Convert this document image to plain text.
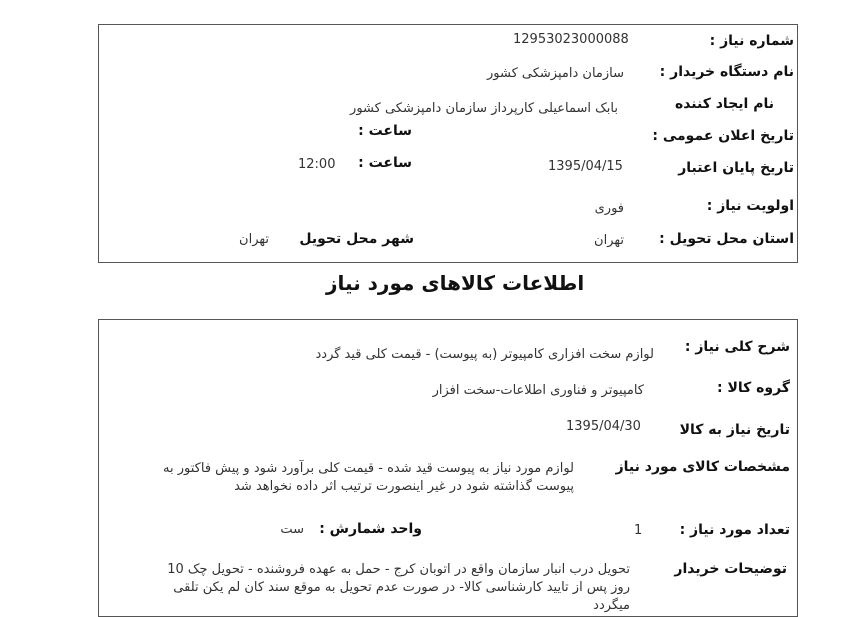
شماره نیاز :
12953023000088
نام دستگاه خریدار :
سازمان دامپزشکی کشور
نام ایجاد کننده
بابک اسماعیلی کارپرداز سازمان دامپزشکی کشور
تاریخ اعلان عمومی :
ساعت :
تاریخ پایان اعتبار
1395/04/15
ساعت :
12:00
اولویت نیاز :
فوری
استان محل تحویل :
تهران
شهر محل تحویل
تهران
اطلاعات کالاهای مورد نیاز
شرح کلی نیاز :
لوازم سخت افزاری کامپیوتر (به پیوست) - قیمت کلی قید گردد
گروه کالا :
کامپیوتر و فناوری اطلاعات-سخت افزار
تاریخ نیاز به کالا
1395/04/30
مشخصات کالای مورد نیاز
لوازم مورد نیاز به پیوست قید شده - قیمت کلی برآورد شود و پیش فاکتور به
پیوست گذاشته شود در غیر اینصورت ترتیب اثر داده نخواهد شد
تعداد مورد نیاز :
1
واحد شمارش :
ست
توضیحات خریدار
تحویل درب انبار سازمان واقع در اتوبان کرج - حمل به عهده فروشنده - تحویل چک 10
روز پس از تایید کارشناسی کالا- در صورت عدم تحویل به موقع سند کان لم یکن تلقی
میگردد
